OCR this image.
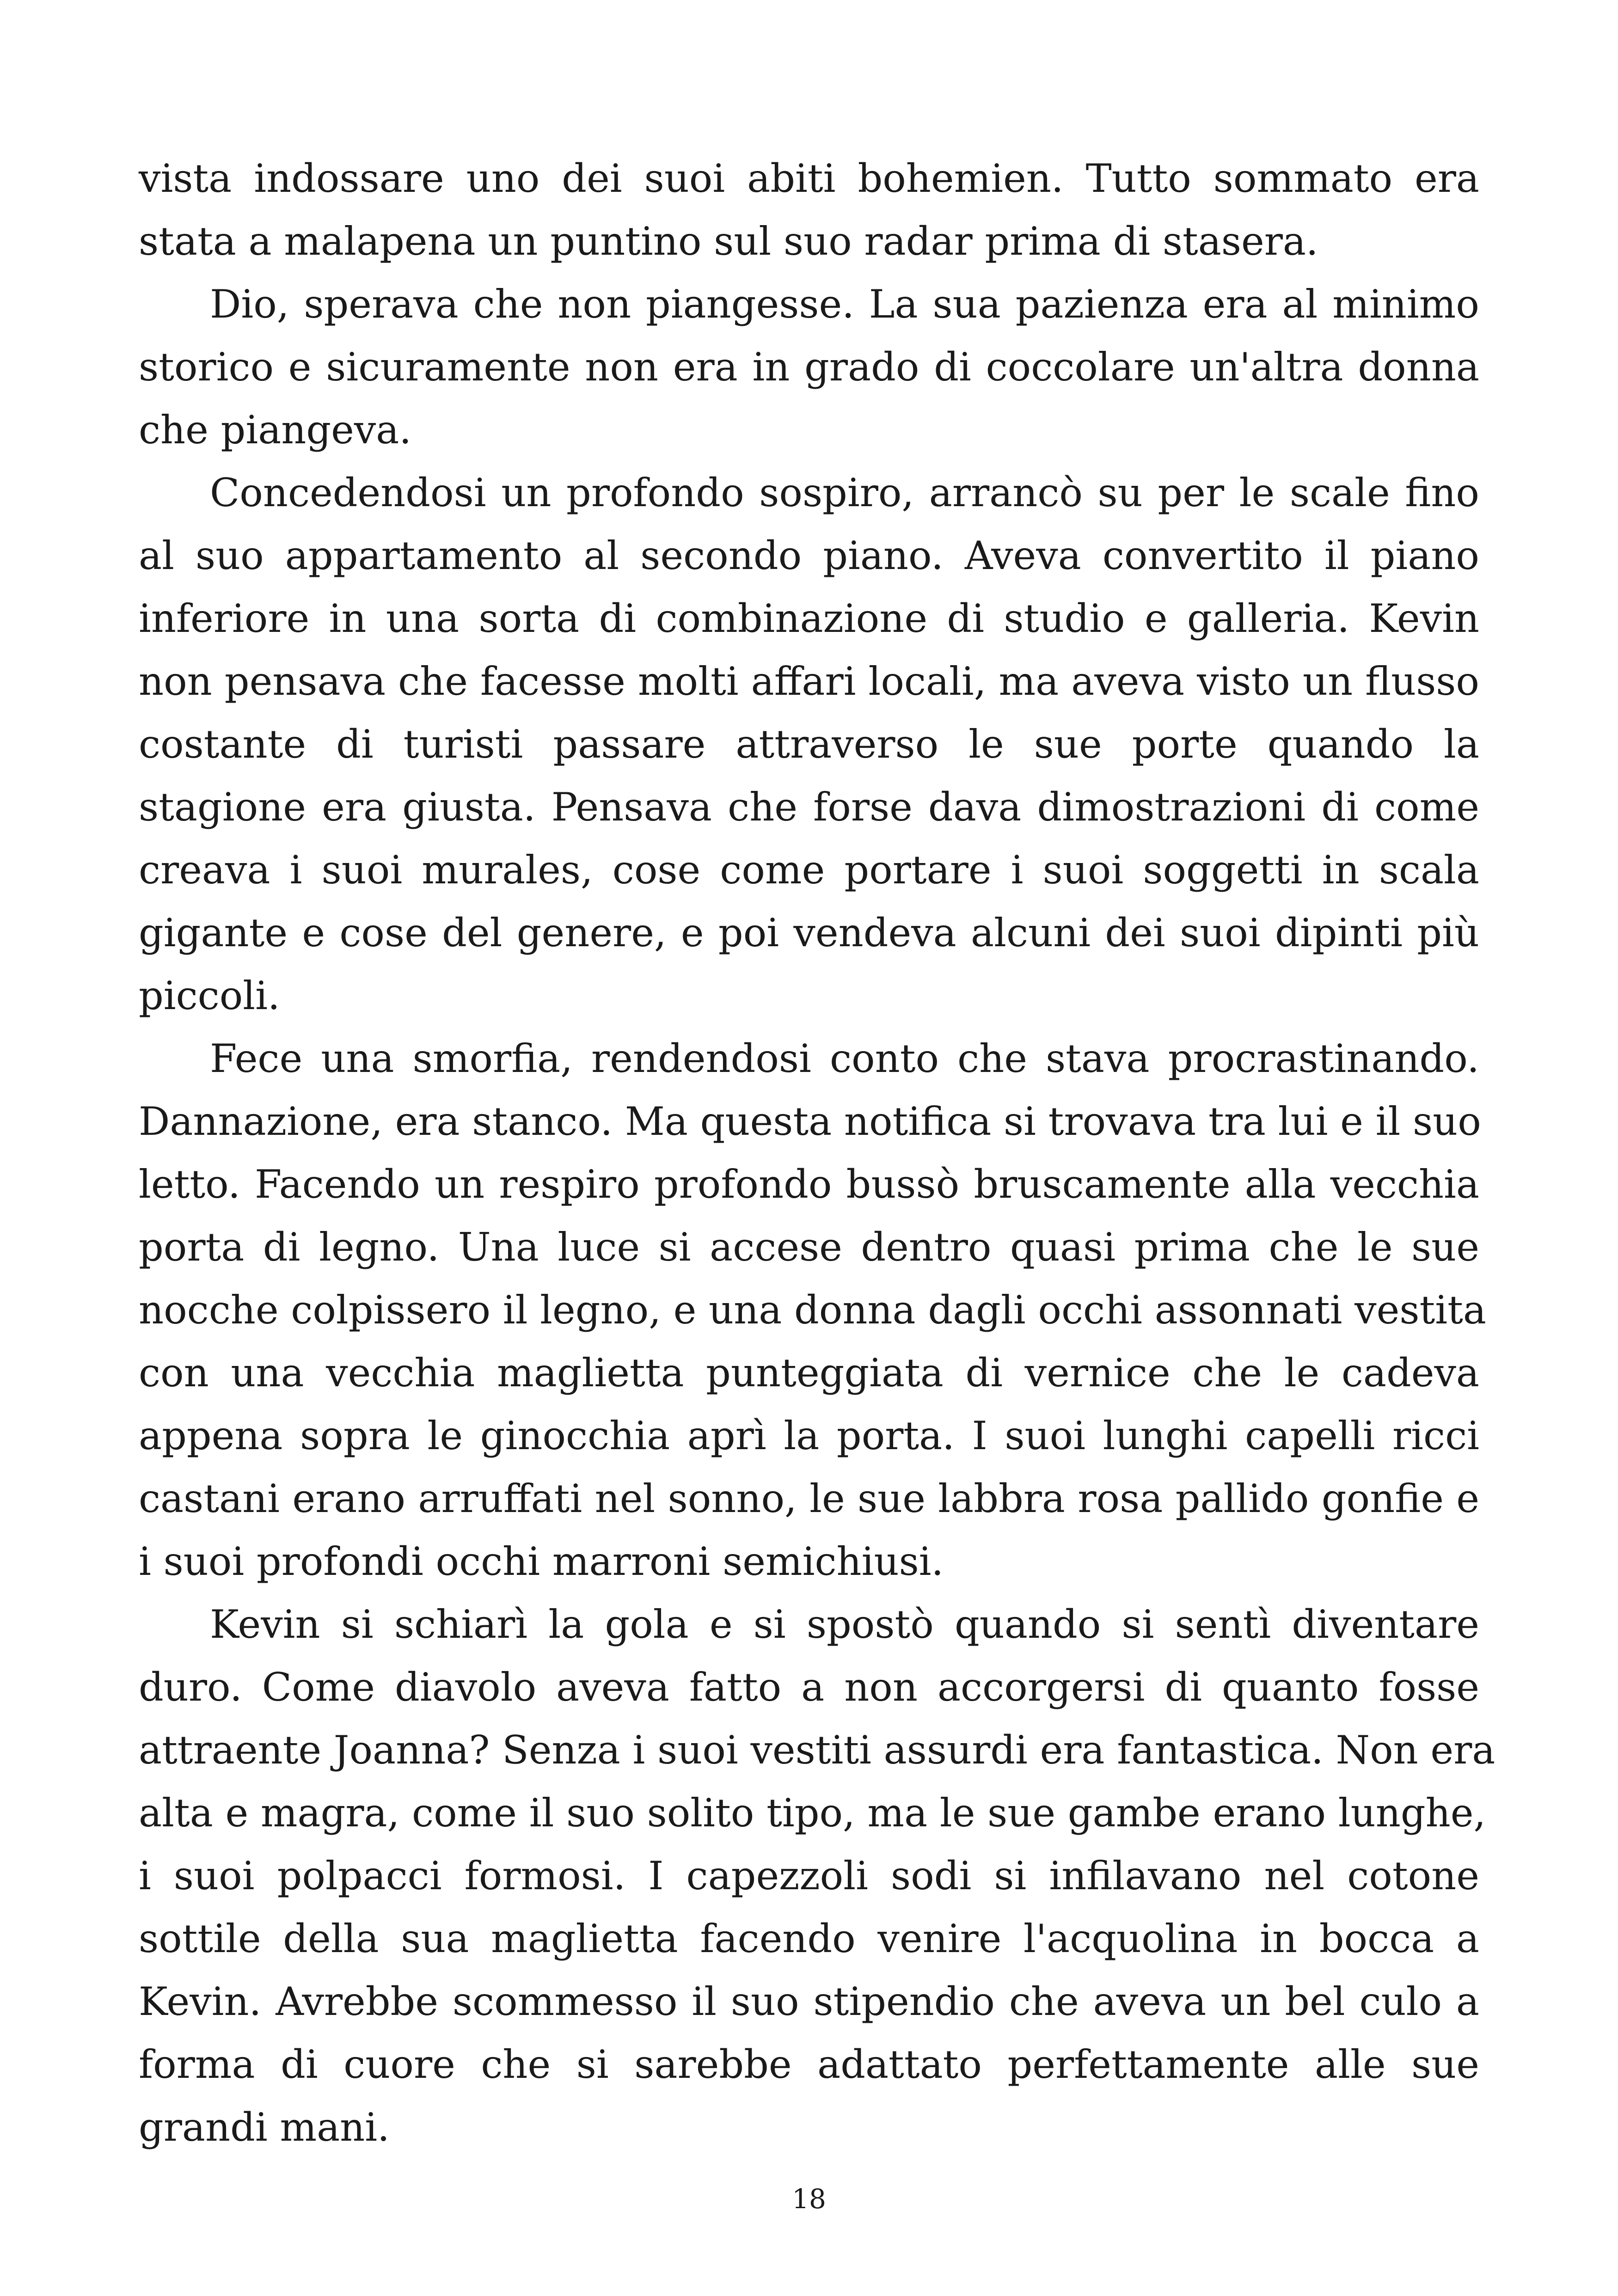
vista indossare uno dei suoi abiti bohemien. Tutto sommato era
stata a malapena un puntino sul suo radar prima di stasera.
Dio, sperava che non piangesse. La sua pazienza era al minimo
storico e sicuramente non era in grado di coccolare un'altra donna
che piangeva.
Concedendosi un profondo sospiro, arrancò su per le scale fino
al suo appartamento al secondo piano. Aveva convertito il piano
inferiore in una sorta di combinazione di studio e galleria. Kevin
non pensava che facesse molti affari locali, ma aveva visto un flusso
costante di turisti passare attraverso le sue porte quando la
stagione era giusta. Pensava che forse dava dimostrazioni di come
creava i suoi murales, cose come portare i suoi soggetti in scala
gigante e cose del genere, e poi vendeva alcuni dei suoi dipinti più
piccoli.
Fece una smorfia, rendendosi conto che stava procrastinando.
Dannazione, era stanco. Ma questa notifica si trovava tra lui e il suo
letto. Facendo un respiro profondo bussò bruscamente alla vecchia
porta di legno. Una luce si accese dentro quasi prima che le sue
nocche colpissero il legno, e una donna dagli occhi assonnati vestita
con una vecchia maglietta punteggiata di vernice che le cadeva
appena sopra le ginocchia aprì la porta. I suoi lunghi capelli ricci
castani erano arruffati nel sonno, le sue labbra rosa pallido gonfie e
i suoi profondi occhi marroni semichiusi.
Kevin si schiarì la gola e si spostò quando si sentì diventare
duro. Come diavolo aveva fatto a non accorgersi di quanto fosse
attraente Joanna? Senza i suoi vestiti assurdi era fantastica. Non era
alta e magra, come il suo solito tipo, ma le sue gambe erano lunghe,
i suoi polpacci formosi. I capezzoli sodi si infilavano nel cotone
sottile della sua maglietta facendo venire l'acquolina in bocca a
Kevin. Avrebbe scommesso il suo stipendio che aveva un bel culo a
forma di cuore che si sarebbe adattato perfettamente alle sue
grandi mani.
18
